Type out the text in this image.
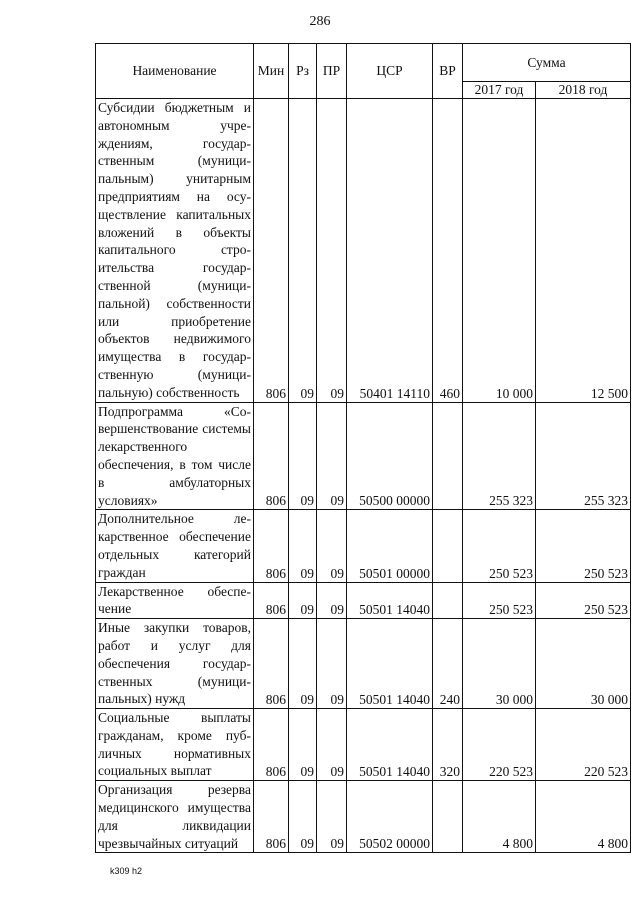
286
Наименование	Мин	Рз	ПР	ЦСР	ВР	Сумма	
						2017 год	2018 год
Субсидии бюджетным и автономным учреждениям, государственным (муниципальным) унитарным предприятиям на осуществление капитальных вложений в объекты капитального строительства государственной (муниципальной) собственности или приобретение объектов недвижимого имущества в государственную (муниципальную) собственность	806	09	09	50401 14110	460	10 000	12 500
Подпрограмма «Совершенствование системы лекарственного обеспечения, в том числе в амбулаторных условиях»	806	09	09	50500 00000		255 323	255 323
Дополнительное лекарственное обеспечение отдельных категорий граждан	806	09	09	50501 00000		250 523	250 523
Лекарственное обеспечение	806	09	09	50501 14040		250 523	250 523
Иные закупки товаров, работ и услуг для обеспечения государственных (муниципальных) нужд	806	09	09	50501 14040	240	30 000	30 000
Социальные выплаты гражданам, кроме публичных нормативных социальных выплат	806	09	09	50501 14040	320	220 523	220 523
Организация резерва медицинского имущества для ликвидации чрезвычайных ситуаций	806	09	09	50502 00000		4 800	4 800
k309 h2
